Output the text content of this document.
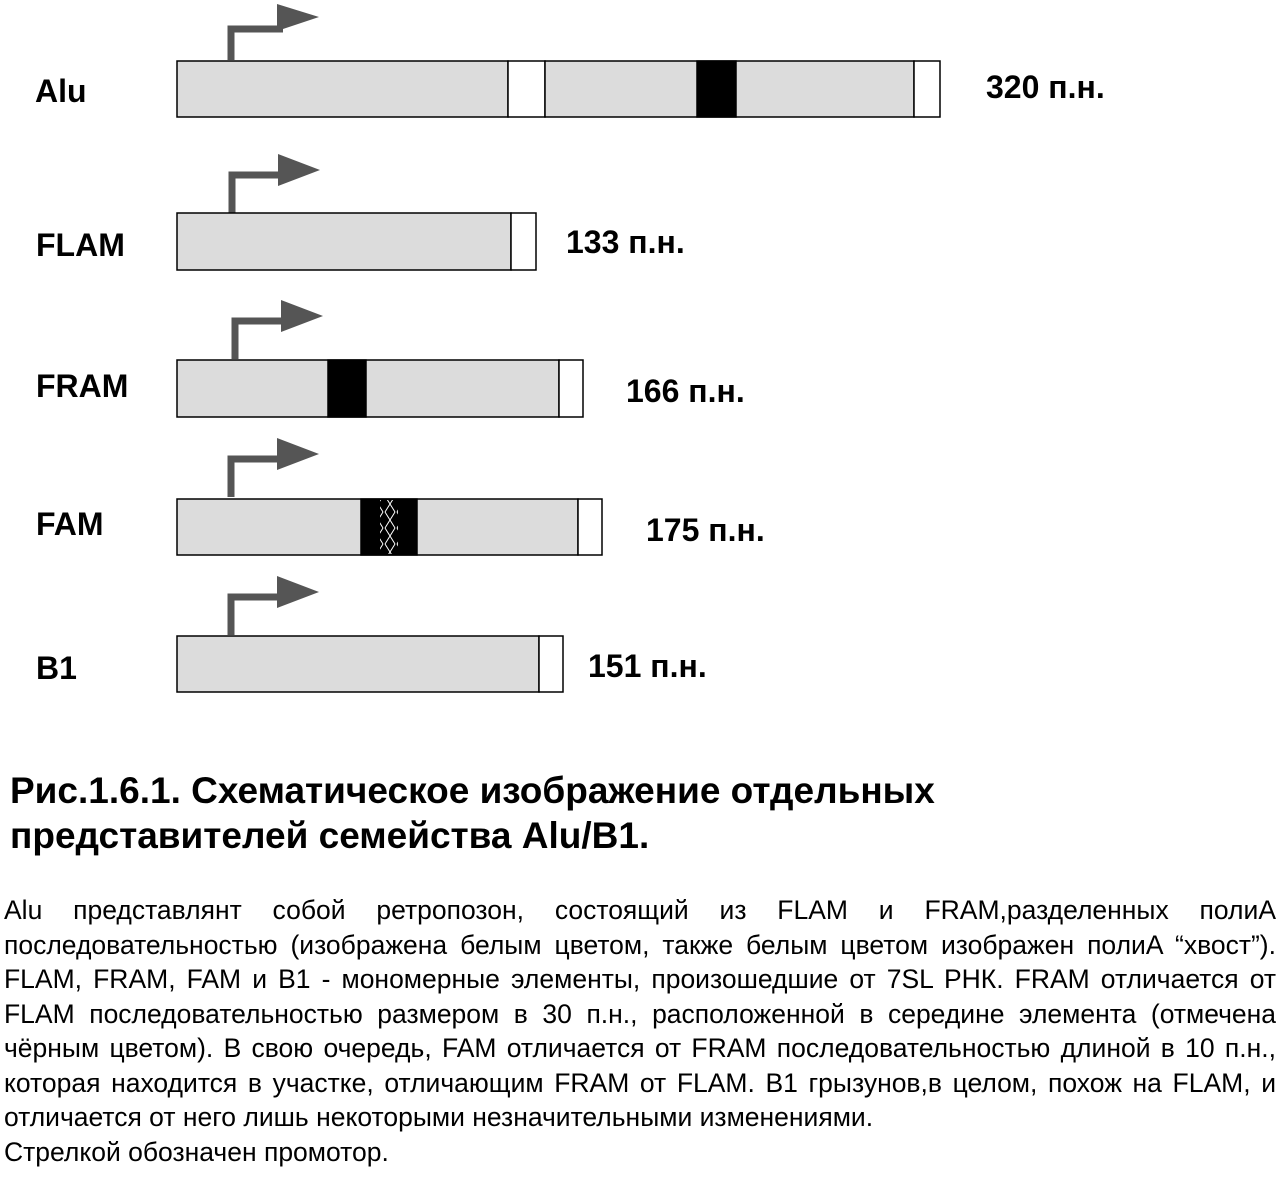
Alu	320 п.н.
FLAM	133 п.н.
FRAM	166 п.н.
FAM	175 п.н.
B1	151 п.н.
Рис.1.6.1. Схематическое изображение отдельных
представителей семейства Alu/B1.

Alu представлянт собой ретропозон, состоящий из FLAM и FRAM,разделенных полиA последовательностью (изображена белым цветом, также белым цветом изображен полиA “хвост”). FLAM, FRAM, FAM и B1 - мономерные элементы, произошедшие от 7SL РНК. FRAM отличается от FLAM последовательностью размером в 30 п.н., расположенной в середине элемента (отмечена чёрным цветом). В свою очередь, FAM отличается от FRAM последовательностью длиной в 10 п.н., которая находится в участке, отличающим FRAM от FLAM. B1 грызунов,в целом, похож на FLAM, и отличается от него лишь некоторыми незначительными изменениями.

Стрелкой обозначен промотор.
